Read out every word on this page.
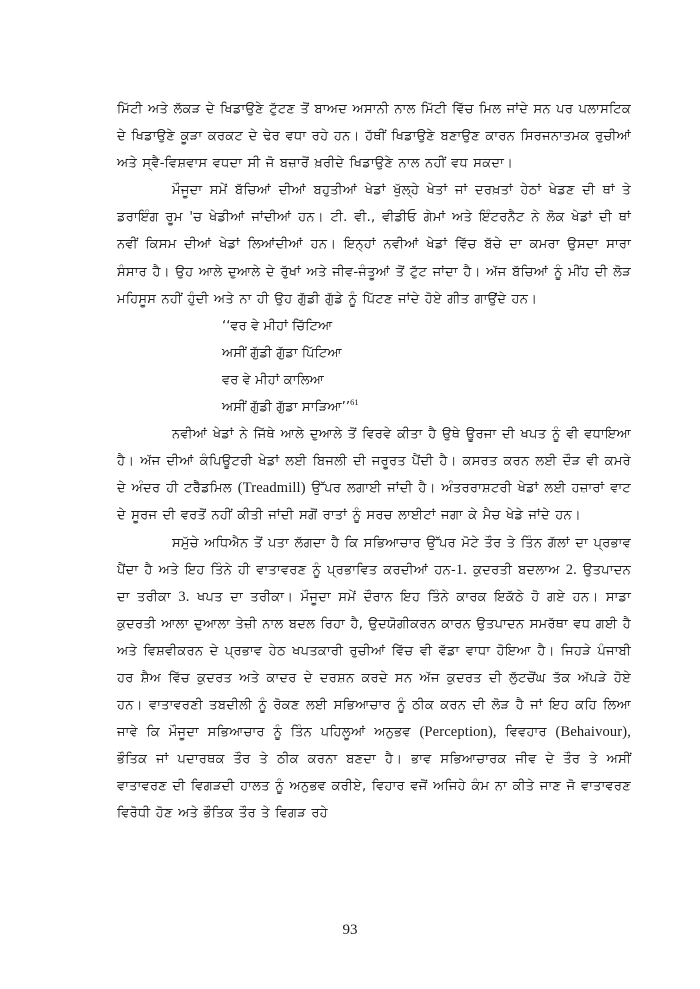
ਮਿੱਟੀ ਅਤੇ ਲੱਕੜ ਦੇ ਖਿਡਾਉਣੇ ਟੁੱਟਣ ਤੋਂ ਬਾਅਦ ਅਸਾਨੀ ਨਾਲ ਮਿੱਟੀ ਵਿੱਚ ਮਿਲ ਜਾਂਦੇ ਸਨ ਪਰ ਪਲਾਸਟਿਕ ਦੇ ਖਿਡਾਉਣੇ ਕੂੜਾ ਕਰਕਟ ਦੇ ਢੇਰ ਵਧਾ ਰਹੇ ਹਨ। ਹੱਥੀਂ ਖਿਡਾਉਣੇ ਬਣਾਉਣ ਕਾਰਨ ਸਿਰਜਨਾਤਮਕ ਰੁਚੀਆਂ ਅਤੇ ਸ੍ਵੈ-ਵਿਸ਼ਵਾਸ ਵਧਦਾ ਸੀ ਜੋ ਬਜ਼ਾਰੋਂ ਖ਼ਰੀਦੇ ਖਿਡਾਉਣੇ ਨਾਲ ਨਹੀਂ ਵਧ ਸਕਦਾ।

ਮੌਜੂਦਾ ਸਮੇਂ ਬੱਚਿਆਂ ਦੀਆਂ ਬਹੁਤੀਆਂ ਖੇਡਾਂ ਖੁੱਲ੍ਹੇ ਖੇਤਾਂ ਜਾਂ ਦਰਖ਼ਤਾਂ ਹੇਠਾਂ ਖੇਡਣ ਦੀ ਥਾਂ ਤੇ ਡਰਾਇੰਗ ਰੂਮ 'ਚ ਖੇਡੀਆਂ ਜਾਂਦੀਆਂ ਹਨ। ਟੀ. ਵੀ., ਵੀਡੀਓ ਗੇਮਾਂ ਅਤੇ ਇੰਟਰਨੈਟ ਨੇ ਲੋਕ ਖੇਡਾਂ ਦੀ ਥਾਂ ਨਵੀਂ ਕਿਸਮ ਦੀਆਂ ਖੇਡਾਂ ਲਿਆਂਦੀਆਂ ਹਨ। ਇਨ੍ਹਾਂ ਨਵੀਆਂ ਖੇਡਾਂ ਵਿੱਚ ਬੱਚੇ ਦਾ ਕਮਰਾ ਉਸਦਾ ਸਾਰਾ ਸੰਸਾਰ ਹੈ। ਉਹ ਆਲੇ ਦੁਆਲੇ ਦੇ ਰੁੱਖਾਂ ਅਤੇ ਜੀਵ-ਜੰਤੂਆਂ ਤੋਂ ਟੁੱਟ ਜਾਂਦਾ ਹੈ। ਅੱਜ ਬੱਚਿਆਂ ਨੂੰ ਮੀਂਹ ਦੀ ਲੋੜ ਮਹਿਸੂਸ ਨਹੀਂ ਹੁੰਦੀ ਅਤੇ ਨਾ ਹੀ ਉਹ ਗੁੱਡੀ ਗੁੱਡੇ ਨੂੰ ਪਿੱਟਣ ਜਾਂਦੇ ਹੋਏ ਗੀਤ ਗਾਉਂਦੇ ਹਨ।

‘‘ਵਰ ਵੇ ਮੀਹਾਂ ਚਿੱਟਿਆ
ਅਸੀਂ ਗੁੱਡੀ ਗੁੱਡਾ ਪਿੱਟਿਆ
ਵਰ ਵੇ ਮੀਹਾਂ ਕਾਲਿਆ
ਅਸੀਂ ਗੁੱਡੀ ਗੁੱਡਾ ਸਾੜਿਆ’’$^{61}$

ਨਵੀਆਂ ਖੇਡਾਂ ਨੇ ਜਿੱਥੇ ਆਲੇ ਦੁਆਲੇ ਤੋਂ ਵਿਰਵੇ ਕੀਤਾ ਹੈ ਉਥੇ ਊਰਜਾ ਦੀ ਖਪਤ ਨੂੰ ਵੀ ਵਧਾਇਆ ਹੈ। ਅੱਜ ਦੀਆਂ ਕੰਪਿਊਟਰੀ ਖੇਡਾਂ ਲਈ ਬਿਜਲੀ ਦੀ ਜਰੂਰਤ ਪੈਂਦੀ ਹੈ। ਕਸਰਤ ਕਰਨ ਲਈ ਦੌੜ ਵੀ ਕਮਰੇ ਦੇ ਅੰਦਰ ਹੀ ਟਰੈੱਡਮਿਲ (Treadmill) ਉੱਪਰ ਲਗਾਈ ਜਾਂਦੀ ਹੈ। ਅੰਤਰਰਾਸ਼ਟਰੀ ਖੇਡਾਂ ਲਈ ਹਜ਼ਾਰਾਂ ਵਾਟ ਦੇ ਸੂਰਜ ਦੀ ਵਰਤੋਂ ਨਹੀਂ ਕੀਤੀ ਜਾਂਦੀ ਸਗੋਂ ਰਾਤਾਂ ਨੂੰ ਸਰਚ ਲਾਈਟਾਂ ਜਗਾ ਕੇ ਮੈਚ ਖੇਡੇ ਜਾਂਦੇ ਹਨ।

ਸਮੁੱਚੇ ਅਧਿਐਨ ਤੋਂ ਪਤਾ ਲੱਗਦਾ ਹੈ ਕਿ ਸਭਿਆਚਾਰ ਉੱਪਰ ਮੋਟੇ ਤੌਰ ਤੇ ਤਿੰਨ ਗੱਲਾਂ ਦਾ ਪ੍ਰਭਾਵ ਪੈਂਦਾ ਹੈ ਅਤੇ ਇਹ ਤਿੰਨੇ ਹੀ ਵਾਤਾਵਰਣ ਨੂੰ ਪ੍ਰਭਾਵਿਤ ਕਰਦੀਆਂ ਹਨ-1. ਕੁਦਰਤੀ ਬਦਲਾਅ 2. ਉਤਪਾਦਨ ਦਾ ਤਰੀਕਾ 3. ਖਪਤ ਦਾ ਤਰੀਕਾ। ਮੌਜੂਦਾ ਸਮੇਂ ਦੌਰਾਨ ਇਹ ਤਿੰਨੇ ਕਾਰਕ ਇਕੱਠੇ ਹੋ ਗਏ ਹਨ। ਸਾਡਾ ਕੁਦਰਤੀ ਆਲਾ ਦੁਆਲਾ ਤੇਜ਼ੀ ਨਾਲ ਬਦਲ ਰਿਹਾ ਹੈ, ਉਦਯੋਗੀਕਰਨ ਕਾਰਨ ਉਤਪਾਦਨ ਸਮਰੱਥਾ ਵਧ ਗਈ ਹੈ ਅਤੇ ਵਿਸ਼ਵੀਕਰਨ ਦੇ ਪ੍ਰਭਾਵ ਹੇਠ ਖਪਤਕਾਰੀ ਰੁਚੀਆਂ ਵਿੱਚ ਵੀ ਵੱਡਾ ਵਾਧਾ ਹੋਇਆ ਹੈ। ਜਿਹੜੇ ਪੰਜਾਬੀ ਹਰ ਸ਼ੈਅ ਵਿੱਚ ਕੁਦਰਤ ਅਤੇ ਕਾਦਰ ਦੇ ਦਰਸ਼ਨ ਕਰਦੇ ਸਨ ਅੱਜ ਕੁਦਰਤ ਦੀ ਲੁੱਟਚੋਂਘ ਤੱਕ ਅੱਪੜੇ ਹੋਏ ਹਨ। ਵਾਤਾਵਰਣੀ ਤਬਦੀਲੀ ਨੂੰ ਰੋਕਣ ਲਈ ਸਭਿਆਚਾਰ ਨੂੰ ਠੀਕ ਕਰਨ ਦੀ ਲੋੜ ਹੈ ਜਾਂ ਇਹ ਕਹਿ ਲਿਆ ਜਾਵੇ ਕਿ ਮੌਜੂਦਾ ਸਭਿਆਚਾਰ ਨੂੰ ਤਿੰਨ ਪਹਿਲੂਆਂ ਅਨੁਭਵ (Perception), ਵਿਵਹਾਰ (Behaivour), ਭੌਤਿਕ ਜਾਂ ਪਦਾਰਥਕ ਤੌਰ ਤੇ ਠੀਕ ਕਰਨਾ ਬਣਦਾ ਹੈ। ਭਾਵ ਸਭਿਆਚਾਰਕ ਜੀਵ ਦੇ ਤੌਰ ਤੇ ਅਸੀਂ ਵਾਤਾਵਰਣ ਦੀ ਵਿਗੜਦੀ ਹਾਲਤ ਨੂੰ ਅਨੁਭਵ ਕਰੀਏ, ਵਿਹਾਰ ਵਜੋਂ ਅਜਿਹੇ ਕੰਮ ਨਾ ਕੀਤੇ ਜਾਣ ਜੋ ਵਾਤਾਵਰਣ ਵਿਰੋਧੀ ਹੋਣ ਅਤੇ ਭੌਤਿਕ ਤੌਰ ਤੇ ਵਿਗੜ ਰਹੇ

93
